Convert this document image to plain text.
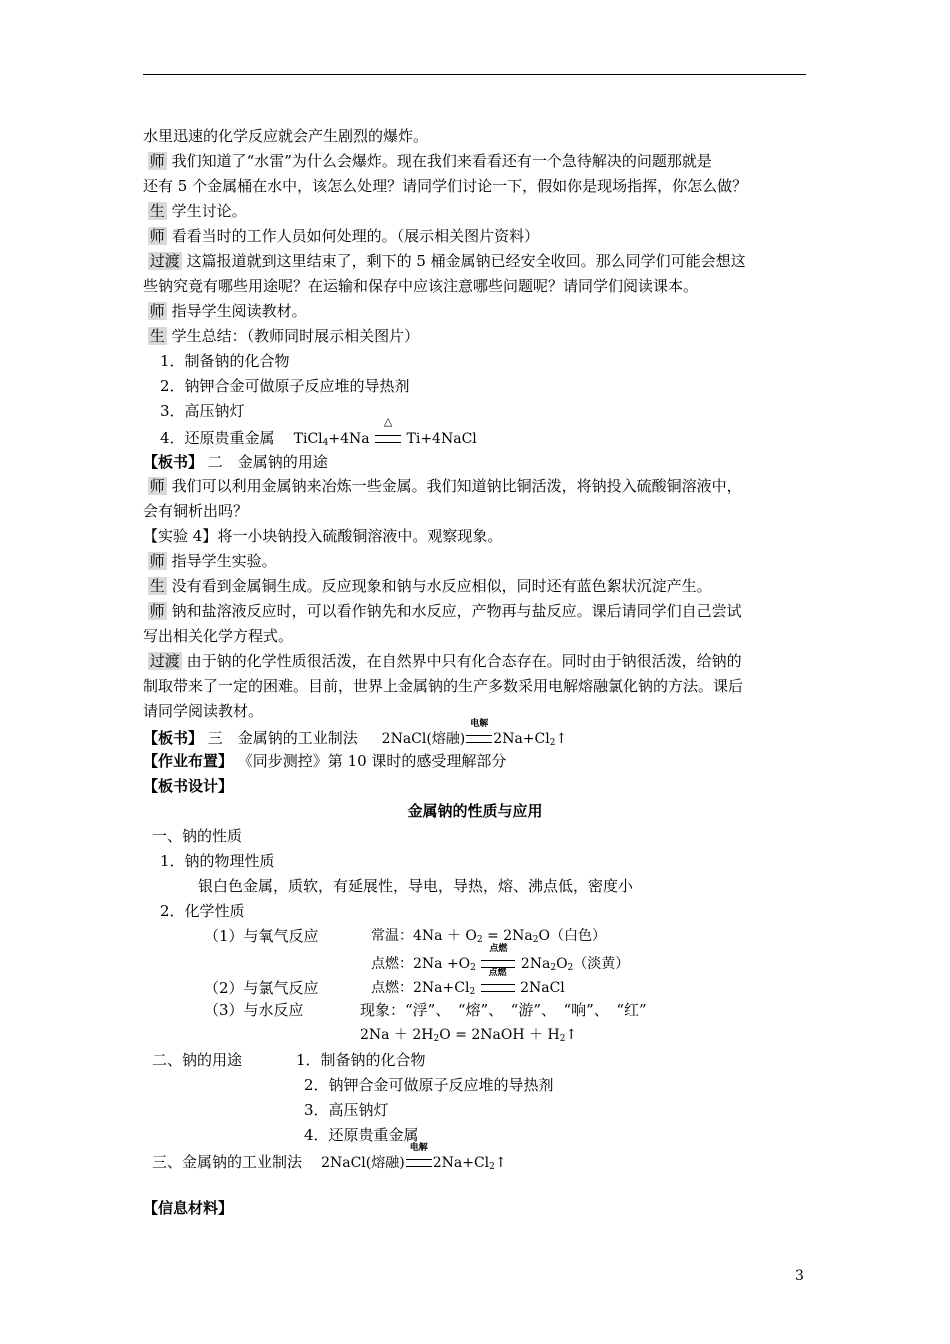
水里迅速的化学反应就会产生剧烈的爆炸。
师 我们知道了“水雷”为什么会爆炸。现在我们来看看还有一个急待解决的问题那就是
还有 5 个金属桶在水中，该怎么处理？请同学们讨论一下，假如你是现场指挥，你怎么做？
生 学生讨论。
师 看看当时的工作人员如何处理的。（展示相关图片资料）
过渡 这篇报道就到这里结束了，剩下的 5 桶金属钠已经安全收回。那么同学们可能会想这
些钠究竟有哪些用途呢？在运输和保存中应该注意哪些问题呢？请同学们阅读课本。
师 指导学生阅读教材。
生 学生总结：（教师同时展示相关图片）
1．制备钠的化合物
2．钠钾合金可做原子反应堆的导热剂
3．高压钠灯
4．还原贵重金属 TiCl$_4$+4Na
△
Ti+4NaCl
【板书】 二　金属钠的用途
师 我们可以利用金属钠来冶炼一些金属。我们知道钠比铜活泼，将钠投入硫酸铜溶液中，
会有铜析出吗？
【实验 4】将一小块钠投入硫酸铜溶液中。观察现象。
师 指导学生实验。
生 没有看到金属铜生成。反应现象和钠与水反应相似，同时还有蓝色絮状沉淀产生。
师 钠和盐溶液反应时，可以看作钠先和水反应，产物再与盐反应。课后请同学们自己尝试
写出相关化学方程式。
过渡 由于钠的化学性质很活泼，在自然界中只有化合态存在。同时由于钠很活泼，给钠的
制取带来了一定的困难。目前，世界上金属钠的生产多数采用电解熔融氯化钠的方法。课后
请同学阅读教材。
【板书】 三　金属钠的工业制法 2NaCl(熔融)
电解
$2Na+Cl_2↑$
【作业布置】 《同步测控》第 10 课时的感受理解部分
【板书设计】
金属钠的性质与应用
一、钠的性质
1．钠的物理性质
银白色金属，质软，有延展性，导电，导热，熔、沸点低，密度小
2．化学性质
（1）与氧气反应	常温：$4Na + O_2 = 2Na_2O$（白色）
点燃：$2Na +O_2$
点燃
$2Na_2O_2$（淡黄）
（2）与氯气反应	点燃：$2Na+Cl_2$
点燃
2NaCl
（3）与水反应	现象：“浮”、　“熔”、　“游”、　“响”、　“红”
$2Na + 2H_2O$ = 2NaOH ＋ $H_2↑$
二、钠的用途	1．制备钠的化合物
2．钠钾合金可做原子反应堆的导热剂
3．高压钠灯
4．还原贵重金属
三、金属钠的工业制法 2NaCl(熔融)
电解
$2Na+Cl_2↑$
【信息材料】
3
